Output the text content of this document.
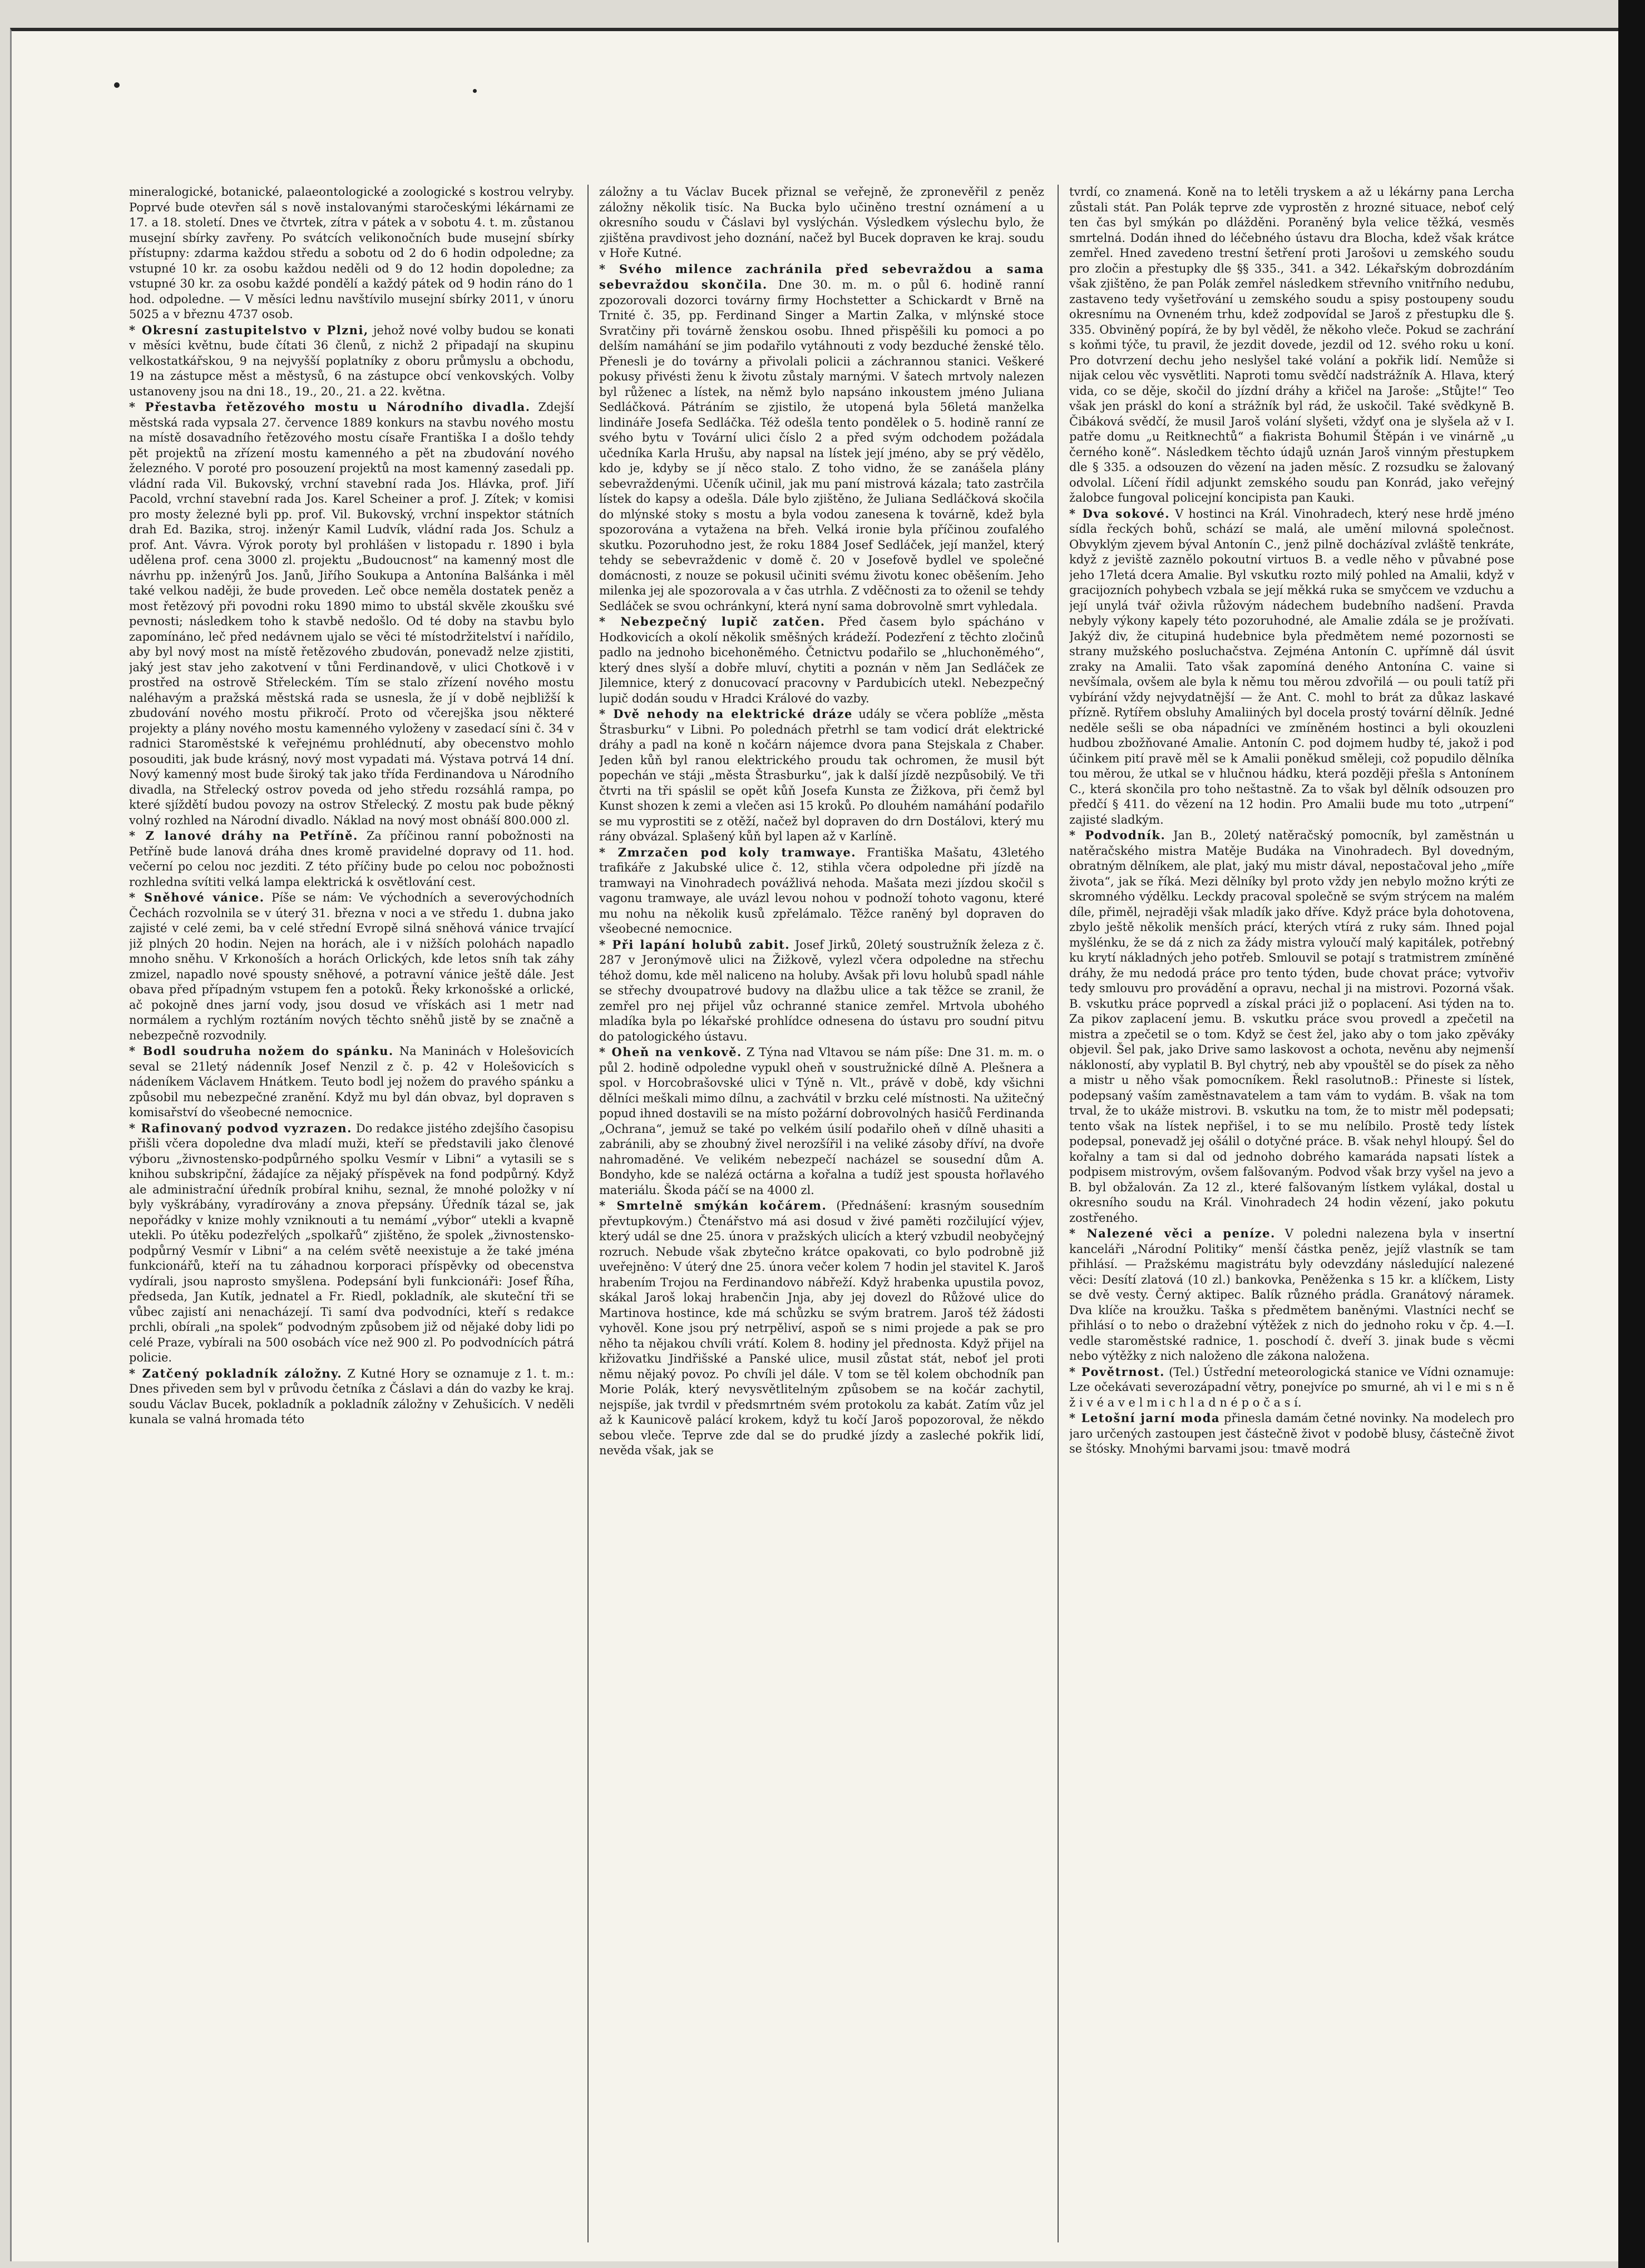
mineralogické, botanické, palaeontologické a zoologické s kostrou velryby. Poprvé bude otevřen sál s nově instalovanými staročeskými lékárnami ze 17. a 18. století. Dnes ve čtvrtek, zítra v pátek a v sobotu 4. t. m. zůstanou musejní sbírky zavřeny. Po svátcích velikonočních bude musejní sbírky přístupny: zdarma každou středu a sobotu od 2 do 6 hodin odpoledne; za vstupné 10 kr. za osobu každou neděli od 9 do 12 hodin dopoledne; za vstupné 30 kr. za osobu každé pondělí a každý pátek od 9 hodin ráno do 1 hod. odpoledne. — V měsíci lednu navštívilo musejní sbírky 2011, v únoru 5025 a v březnu 4737 osob.

* Okresní zastupitelstvo v Plzni, jehož nové volby budou se konati v měsíci květnu, bude čítati 36 členů, z nichž 2 připadají na skupinu velkostatkářskou, 9 na nejvyšší poplatníky z oboru průmyslu a obchodu, 19 na zástupce měst a městysů, 6 na zástupce obcí venkovských. Volby ustanoveny jsou na dni 18., 19., 20., 21. a 22. května.

* Přestavba řetězového mostu u Národního divadla. Zdejší městská rada vypsala 27. července 1889 konkurs na stavbu nového mostu na místě dosavadního řetězového mostu císaře Františka I a došlo tehdy pět projektů na zřízení mostu kamenného a pět na zbudování nového železného. V poroté pro posouzení projektů na most kamenný zasedali pp. vládní rada Vil. Bukovský, vrchní stavební rada Jos. Hlávka, prof. Jiří Pacold, vrchní stavební rada Jos. Karel Scheiner a prof. J. Zítek; v komisi pro mosty železné byli pp. prof. Vil. Bukovský, vrchní inspektor státních drah Ed. Bazika, stroj. inženýr Kamil Ludvík, vládní rada Jos. Schulz a prof. Ant. Vávra. Výrok poroty byl prohlášen v listopadu r. 1890 i byla udělena prof. cena 3000 zl. projektu „Budoucnost“ na kamenný most dle návrhu pp. inženýrů Jos. Janů, Jiřího Soukupa a Antonína Balšánka i měl také velkou naději, že bude proveden. Leč obce neměla dostatek peněz a most řetězový při povodni roku 1890 mimo to ubstál skvěle zkoušku své pevnosti; následkem toho k stavbě nedošlo. Od té doby na stavbu bylo zapomínáno, leč před nedávnem ujalo se věci té místodržitelství i nařídilo, aby byl nový most na místě řetězového zbudován, ponevadž nelze zjistiti, jaký jest stav jeho zakotvení v tůni Ferdinandově, v ulici Chotkově i v prostřed na ostrově Střeleckém. Tím se stalo zřízení nového mostu naléhavým a pražská městská rada se usnesla, že jí v době nejbližší k zbudování nového mostu přikročí. Proto od včerejška jsou některé projekty a plány nového mostu kamenného vyloženy v zasedací síni č. 34 v radnici Staroměstské k veřejnému prohlédnutí, aby obecenstvo mohlo posouditi, jak bude krásný, nový most vypadati má. Výstava potrvá 14 dní. Nový kamenný most bude široký tak jako třída Ferdinandova u Národního divadla, na Střelecký ostrov poveda od jeho středu rozsáhlá rampa, po které sjíždětí budou povozy na ostrov Střelecký. Z mostu pak bude pěkný volný rozhled na Národní divadlo. Náklad na nový most obnáší 800.000 zl.

* Z lanové dráhy na Petříně. Za příčinou ranní pobožnosti na Petříně bude lanová dráha dnes kromě pravidelné dopravy od 11. hod. večerní po celou noc jezditi. Z této příčiny bude po celou noc pobožnosti rozhledna svítiti velká lampa elektrická k osvětlování cest.

* Sněhové vánice. Píše se nám: Ve východních a severovýchodních Čechách rozvolnila se v úterý 31. března v noci a ve středu 1. dubna jako zajisté v celé zemi, ba v celé střední Evropě silná sněhová vánice trvající již plných 20 hodin. Nejen na horách, ale i v nižších polohách napadlo mnoho sněhu. V Krkonoších a horách Orlických, kde letos sníh tak záhy zmizel, napadlo nové spousty sněhové, a potravní vánice ještě dále. Jest obava před případným vstupem fen a potoků. Řeky krkonošské a orlické, ač pokojně dnes jarní vody, jsou dosud ve vřískách asi 1 metr nad normálem a rychlým roztáním nových těchto sněhů jistě by se značně a nebezpečně rozvodnily.

* Bodl soudruha nožem do spánku. Na Maninách v Holešovicích seval se 21letý nádenník Josef Nenzil z č. p. 42 v Holešovicích s nádeníkem Václavem Hnátkem. Teuto bodl jej nožem do pravého spánku a způsobil mu nebezpečné zranění. Když mu byl dán obvaz, byl dopraven s komisařství do všeobecné nemocnice.

* Rafinovaný podvod vyzrazen. Do redakce jistého zdejšího časopisu přišli včera dopoledne dva mladí muži, kteří se představili jako členové výboru „živnostensko-podpůrného spolku Vesmír v Libni“ a vytasili se s knihou subskripční, žádajíce za nějaký příspěvek na fond podpůrný. Když ale administrační úředník probíral knihu, seznal, že mnohé položky v ní byly vyškrábány, vyradírovány a znova přepsány. Úředník tázal se, jak nepořádky v knize mohly vzniknouti a tu nemámí „výbor“ utekli a kvapně utekli. Po útěku podezřelých „spolkařů“ zjištěno, že spolek „živnostensko-podpůrný Vesmír v Libni“ a na celém světě neexistuje a že také jména funkcionářů, kteří na tu záhadnou korporaci příspěvky od obecenstva vydírali, jsou naprosto smyšlena. Podepsání byli funkcionáři: Josef Říha, předseda, Jan Kutík, jednatel a Fr. Riedl, pokladník, ale skuteční tři se vůbec zajistí ani nenacházejí. Ti samí dva podvodníci, kteří s redakce prchli, obírali „na spolek“ podvodným způsobem již od nějaké doby lidi po celé Praze, vybírali na 500 osobách více než 900 zl. Po podvodnících pátrá policie.

* Zatčený pokladník záložny. Z Kutné Hory se oznamuje z 1. t. m.: Dnes přiveden sem byl v průvodu četníka z Čáslavi a dán do vazby ke kraj. soudu Václav Bucek, pokladník a pokladník záložny v Zehušicích. V neděli kunala se valná hromada této

záložny a tu Václav Bucek přiznal se veřejně, že zpronevěřil z peněz záložny několik tisíc. Na Bucka bylo učiněno trestní oznámení a u okresního soudu v Čáslavi byl vyslýchán. Výsledkem výslechu bylo, že zjištěna pravdivost jeho doznání, načež byl Bucek dopraven ke kraj. soudu v Hoře Kutné.

* Svého milence zachránila před sebevraždou a sama sebevraždou skončila. Dne 30. m. m. o půl 6. hodině ranní zpozorovali dozorci továrny firmy Hochstetter a Schickardt v Brně na Trnité č. 35, pp. Ferdinand Singer a Martin Zalka, v mlýnské stoce Svratčiny při továrně ženskou osobu. Ihned přispěšili ku pomoci a po delším namáhání se jim podařilo vytáhnouti z vody bezduché ženské tělo. Přenesli je do továrny a přivolali policii a záchrannou stanici. Veškeré pokusy přivésti ženu k životu zůstaly marnými. V šatech mrtvoly nalezen byl růženec a lístek, na němž bylo napsáno inkoustem jméno Juliana Sedláčková. Pátráním se zjistilo, že utopená byla 56letá manželka lindináře Josefa Sedláčka. Též odešla tento pondělek o 5. hodině ranní ze svého bytu v Tovární ulici číslo 2 a před svým odchodem požádala učedníka Karla Hrušu, aby napsal na lístek její jméno, aby se prý vědělo, kdo je, kdyby se jí něco stalo. Z toho vidno, že se zanášela plány sebevraždenými. Učeník učinil, jak mu paní mistrová kázala; tato zastrčila lístek do kapsy a odešla. Dále bylo zjištěno, že Juliana Sedláčková skočila do mlýnské stoky s mostu a byla vodou zanesena k továrně, kdež byla spozorována a vytažena na břeh. Velká ironie byla příčinou zoufalého skutku. Pozoruhodno jest, že roku 1884 Josef Sedláček, její manžel, který tehdy se sebevraždenic v domě č. 20 v Josefově bydlel ve společné domácnosti, z nouze se pokusil učiniti svému životu konec oběšením. Jeho milenka jej ale spozorovala a v čas utrhla. Z vděčnosti za to oženil se tehdy Sedláček se svou ochránkyní, která nyní sama dobrovolně smrt vyhledala.

* Nebezpečný lupič zatčen. Před časem bylo spácháno v Hodkovicích a okolí několik směšných krádeží. Podezření z těchto zločinů padlo na jednoho bicehoněmého. Četnictvu podařilo se „hluchoněmého“, který dnes slyší a dobře mluví, chytiti a poznán v něm Jan Sedláček ze Jilemnice, který z donucovací pracovny v Pardubicích utekl. Nebezpečný lupič dodán soudu v Hradci Králové do vazby.

* Dvě nehody na elektrické dráze udály se včera poblíže „města Štrasburku“ v Libni. Po polednách přetrhl se tam vodicí drát elektrické dráhy a padl na koně n kočárn nájemce dvora pana Stejskala z Chaber. Jeden kůň byl ranou elektrického proudu tak ochromen, že musil být popechán ve stáji „města Štrasburku“, jak k další jízdě nezpůsobilý. Ve tři čtvrti na tři spáslil se opět kůň Josefa Kunsta ze Žižkova, při čemž byl Kunst shozen k zemi a vlečen asi 15 kroků. Po dlouhém namáhání podařilo se mu vyprostiti se z otěží, načež byl dopraven do drn Dostálovi, který mu rány obvázal. Splašený kůň byl lapen až v Karlíně.

* Zmrzačen pod koly tramwaye. Františka Mašatu, 43letého trafikáře z Jakubské ulice č. 12, stihla včera odpoledne při jízdě na tramwayi na Vinohradech povážlivá nehoda. Mašata mezi jízdou skočil s vagonu tramwaye, ale uvázl levou nohou v podnoží tohoto vagonu, které mu nohu na několik kusů zpřelámalo. Těžce raněný byl dopraven do všeobecné nemocnice.

* Při lapání holubů zabit. Josef Jirků, 20letý soustružník železa z č. 287 v Jeronýmově ulici na Žižkově, vylezl včera odpoledne na střechu téhož domu, kde měl naliceno na holuby. Avšak při lovu holubů spadl náhle se střechy dvoupatrové budovy na dlažbu ulice a tak těžce se zranil, že zemřel pro nej přijel vůz ochranné stanice zemřel. Mrtvola ubohého mladíka byla po lékařské prohlídce odnesena do ústavu pro soudní pitvu do patologického ústavu.

* Oheň na venkově. Z Týna nad Vltavou se nám píše: Dne 31. m. m. o půl 2. hodině odpoledne vypukl oheň v soustružnické dílně A. Plešnera a spol. v Horcobrašovské ulici v Týně n. Vlt., právě v době, kdy všichni dělníci meškali mimo dílnu, a zachvátil v brzku celé místnosti. Na užitečný popud ihned dostavili se na místo požární dobrovolných hasičů Ferdinanda „Ochrana“, jemuž se také po velkém úsilí podařilo oheň v dílně uhasiti a zabránili, aby se zhoubný živel nerozšířil i na veliké zásoby dříví, na dvoře nahromaděné. Ve velikém nebezpečí nacházel se sousední dům A. Bondyho, kde se nalézá octárna a kořalna a tudíž jest spousta hořlavého materiálu. Škoda páčí se na 4000 zl.

* Smrtelně smýkán kočárem. (Přednášení: krasným sousedním převtupkovým.) Čtenářstvo má asi dosud v živé paměti rozčilující výjev, který udál se dne 25. února v pražských ulicích a který vzbudil neobyčejný rozruch. Nebude však zbytečno krátce opakovati, co bylo podrobně již uveřejněno: V úterý dne 25. února večer kolem 7 hodin jel stavitel K. Jaroš hrabením Trojou na Ferdinandovo nábřeží. Když hrabenka upustila povoz, skákal Jaroš lokaj hrabenčin Jnja, aby jej dovezl do Růžové ulice do Martinova hostince, kde má schůzku se svým bratrem. Jaroš též žádosti vyhověl. Kone jsou prý netrpěliví, aspoň se s nimi projede a pak se pro něho ta nějakou chvíli vrátí. Kolem 8. hodiny jel přednosta. Když přijel na křižovatku Jindřišské a Panské ulice, musil zůstat stát, neboť jel proti němu nějaký povoz. Po chvíli jel dále. V tom se těl kolem obchodník pan Morie Polák, který nevysvětlitelným způsobem se na kočár zachytil, nejspíše, jak tvrdil v předsmrtném svém protokolu za kabát. Zatím vůz jel až k Kaunicově palácí krokem, když tu kočí Jaroš popozoroval, že někdo sebou vleče. Teprve zde dal se do prudké jízdy a zasleché pokřik lidí, nevěda však, jak se

tvrdí, co znamená. Koně na to letěli tryskem a až u lékárny pana Lercha zůstali stát. Pan Polák teprve zde vyprostěn z hrozné situace, neboť celý ten čas byl smýkán po dlážděni. Poraněný byla velice těžká, vesměs smrtelná. Dodán ihned do léčebného ústavu dra Blocha, kdež však krátce zemřel. Hned zavedeno trestní šetření proti Jarošovi u zemského soudu pro zločin a přestupky dle §§ 335., 341. a 342. Lékařským dobrozdáním však zjištěno, že pan Polák zemřel následkem střevního vnitřního nedubu, zastaveno tedy vyšetřování u zemského soudu a spisy postoupeny soudu okresnímu na Ovneném trhu, kdež zodpovídal se Jaroš z přestupku dle §. 335. Obviněný popírá, že by byl věděl, že někoho vleče. Pokud se zachrání s koňmi týče, tu pravil, že jezdit dovede, jezdil od 12. svého roku u koní. Pro dotvrzení dechu jeho neslyšel také volání a pokřik lidí. Nemůže si nijak celou věc vysvětliti. Naproti tomu svědčí nadstrážník A. Hlava, který vida, co se děje, skočil do jízdní dráhy a křičel na Jaroše: „Stůjte!“ Teo však jen práskl do koní a strážník byl rád, že uskočil. Také svědkyně B. Čibáková svědčí, že musil Jaroš volání slyšeti, vždyť ona je slyšela až v I. patře domu „u Reitknechtů“ a fiakrista Bohumil Štěpán i ve vinárně „u černého koně“. Následkem těchto údajů uznán Jaroš vinným přestupkem dle § 335. a odsouzen do vězení na jaden měsíc. Z rozsudku se žalovaný odvolal. Líčení řídil adjunkt zemského soudu pan Konrád, jako veřejný žalobce fungoval policejní koncipista pan Kauki.

* Dva sokové. V hostinci na Král. Vinohradech, který nese hrdě jméno sídla řeckých bohů, schází se malá, ale umění milovná společnost. Obvyklým zjevem býval Antonín C., jenž pilně docházíval zvláště tenkráte, když z jeviště zaznělo pokoutní virtuos B. a vedle něho v půvabné pose jeho 17letá dcera Amalie. Byl vskutku rozto milý pohled na Amalii, když v gracijozních pohybech vzbala se její měkká ruka se smyčcem ve vzduchu a její unylá tvář oživla růžovým nádechem budebního nadšení. Pravda nebyly výkony kapely této pozoruhodné, ale Amalie zdála se je prožívati. Jakýž div, že citupiná hudebnice byla předmětem nemé pozornosti se strany mužského posluchačstva. Zejména Antonín C. upřímně dál úsvit zraky na Amalii. Tato však zapomíná deného Antonína C. vaine si nevšímala, ovšem ale byla k němu tou měrou zdvořilá — ou pouli tatíž při vybírání vždy nejvydatnější — že Ant. C. mohl to brát za důkaz laskavé přízně. Rytířem obsluhy Amaliiných byl docela prostý tovární dělník. Jedné neděle sešli se oba nápadníci ve zmíněném hostinci a byli okouzleni hudbou zbožňované Amalie. Antonín C. pod dojmem hudby té, jakož i pod účinkem pití pravě měl se k Amalii poněkud směleji, což popudilo dělníka tou měrou, že utkal se v hlučnou hádku, která později přešla s Antonínem C., která skončila pro toho neštastně. Za to však byl dělník odsouzen pro předčí § 411. do vězení na 12 hodin. Pro Amalii bude mu toto „utrpení“ zajisté sladkým.

* Podvodník. Jan B., 20letý natěračský pomocník, byl zaměstnán u natěračského mistra Matěje Budáka na Vinohradech. Byl dovedným, obratným dělníkem, ale plat, jaký mu mistr dával, nepostačoval jeho „míře života“, jak se říká. Mezi dělníky byl proto vždy jen nebylo možno krýti ze skromného výdělku. Leckdy pracoval společně se svým strýcem na malém díle, přiměl, nejraději však mladík jako dříve. Když práce byla dohotovena, zbylo ještě několik menších prácí, kterých vtírá z ruky sám. Ihned pojal myšlénku, že se dá z nich za žády mistra vyloučí malý kapitálek, potřebný ku krytí nákladných jeho potřeb. Smlouvil se potají s tratmistrem zmíněné dráhy, že mu nedodá práce pro tento týden, bude chovat práce; vytvořiv tedy smlouvu pro provádění a opravu, nechal ji na mistrovi. Pozorná však. B. vskutku práce poprvedl a získal práci již o poplacení. Asi týden na to. Za pikov zaplacení jemu. B. vskutku práce svou provedl a zpečetil na mistra a zpečetil se o tom. Když se čest žel, jako aby o tom jako zpěváky objevil. Šel pak, jako Drive samo laskovost a ochota, nevěnu aby nejmenší nákloností, aby vyplatil B. Byl chytrý, neb aby vpouštěl se do písek za něho a mistr u něho však pomocníkem. Řekl rasolutnoB.: Přineste si lístek, podepsaný vaším zaměstnavatelem a tam vám to vydám. B. však na tom trval, že to ukáže mistrovi. B. vskutku na tom, že to mistr měl podepsati; tento však na lístek nepřišel, i to se mu nelíbilo. Prostě tedy lístek podepsal, ponevadž jej ošálil o dotyčné práce. B. však nehyl hloupý. Šel do kořalny a tam si dal od jednoho dobrého kamaráda napsati lístek a podpisem mistrovým, ovšem falšovaným. Podvod však brzy vyšel na jevo a B. byl obžalován. Za 12 zl., které falšovaným lístkem vylákal, dostal u okresního soudu na Král. Vinohradech 24 hodin vězení, jako pokutu zostřeného.

* Nalezené věci a peníze. V poledni nalezena byla v insertní kanceláři „Národní Politiky“ menší částka peněz, jejíž vlastník se tam přihlásí. — Pražskému magistrátu byly odevzdány následující nalezené věci: Desítí zlatová (10 zl.) bankovka, Peněženka s 15 kr. a klíčkem, Listy se dvě vesty. Černý aktipec. Balík různého prádla. Granátový náramek. Dva klíče na kroužku. Taška s předmětem baněnými. Vlastníci nechť se přihlásí o to nebo o dražební výtěžek z nich do jednoho roku v čp. 4.—I. vedle staroměstské radnice, 1. poschodí č. dveří 3. jinak bude s věcmi nebo výtěžky z nich naloženo dle zákona naložena.

* Povětrnost. (Tel.) Ústřední meteorologická stanice ve Vídni oznamuje: Lze očekávati severozápadní větry, ponejvíce po smurné, ah vi l e mi s n ě ž i v é a v e l m i c h l a d n é p o č a s í.

* Letošní jarní moda přinesla damám četné novinky. Na modelech pro jaro určených zastoupen jest částečně život v podobě blusy, částečně život se štósky. Mnohými barvami jsou: tmavě modrá
